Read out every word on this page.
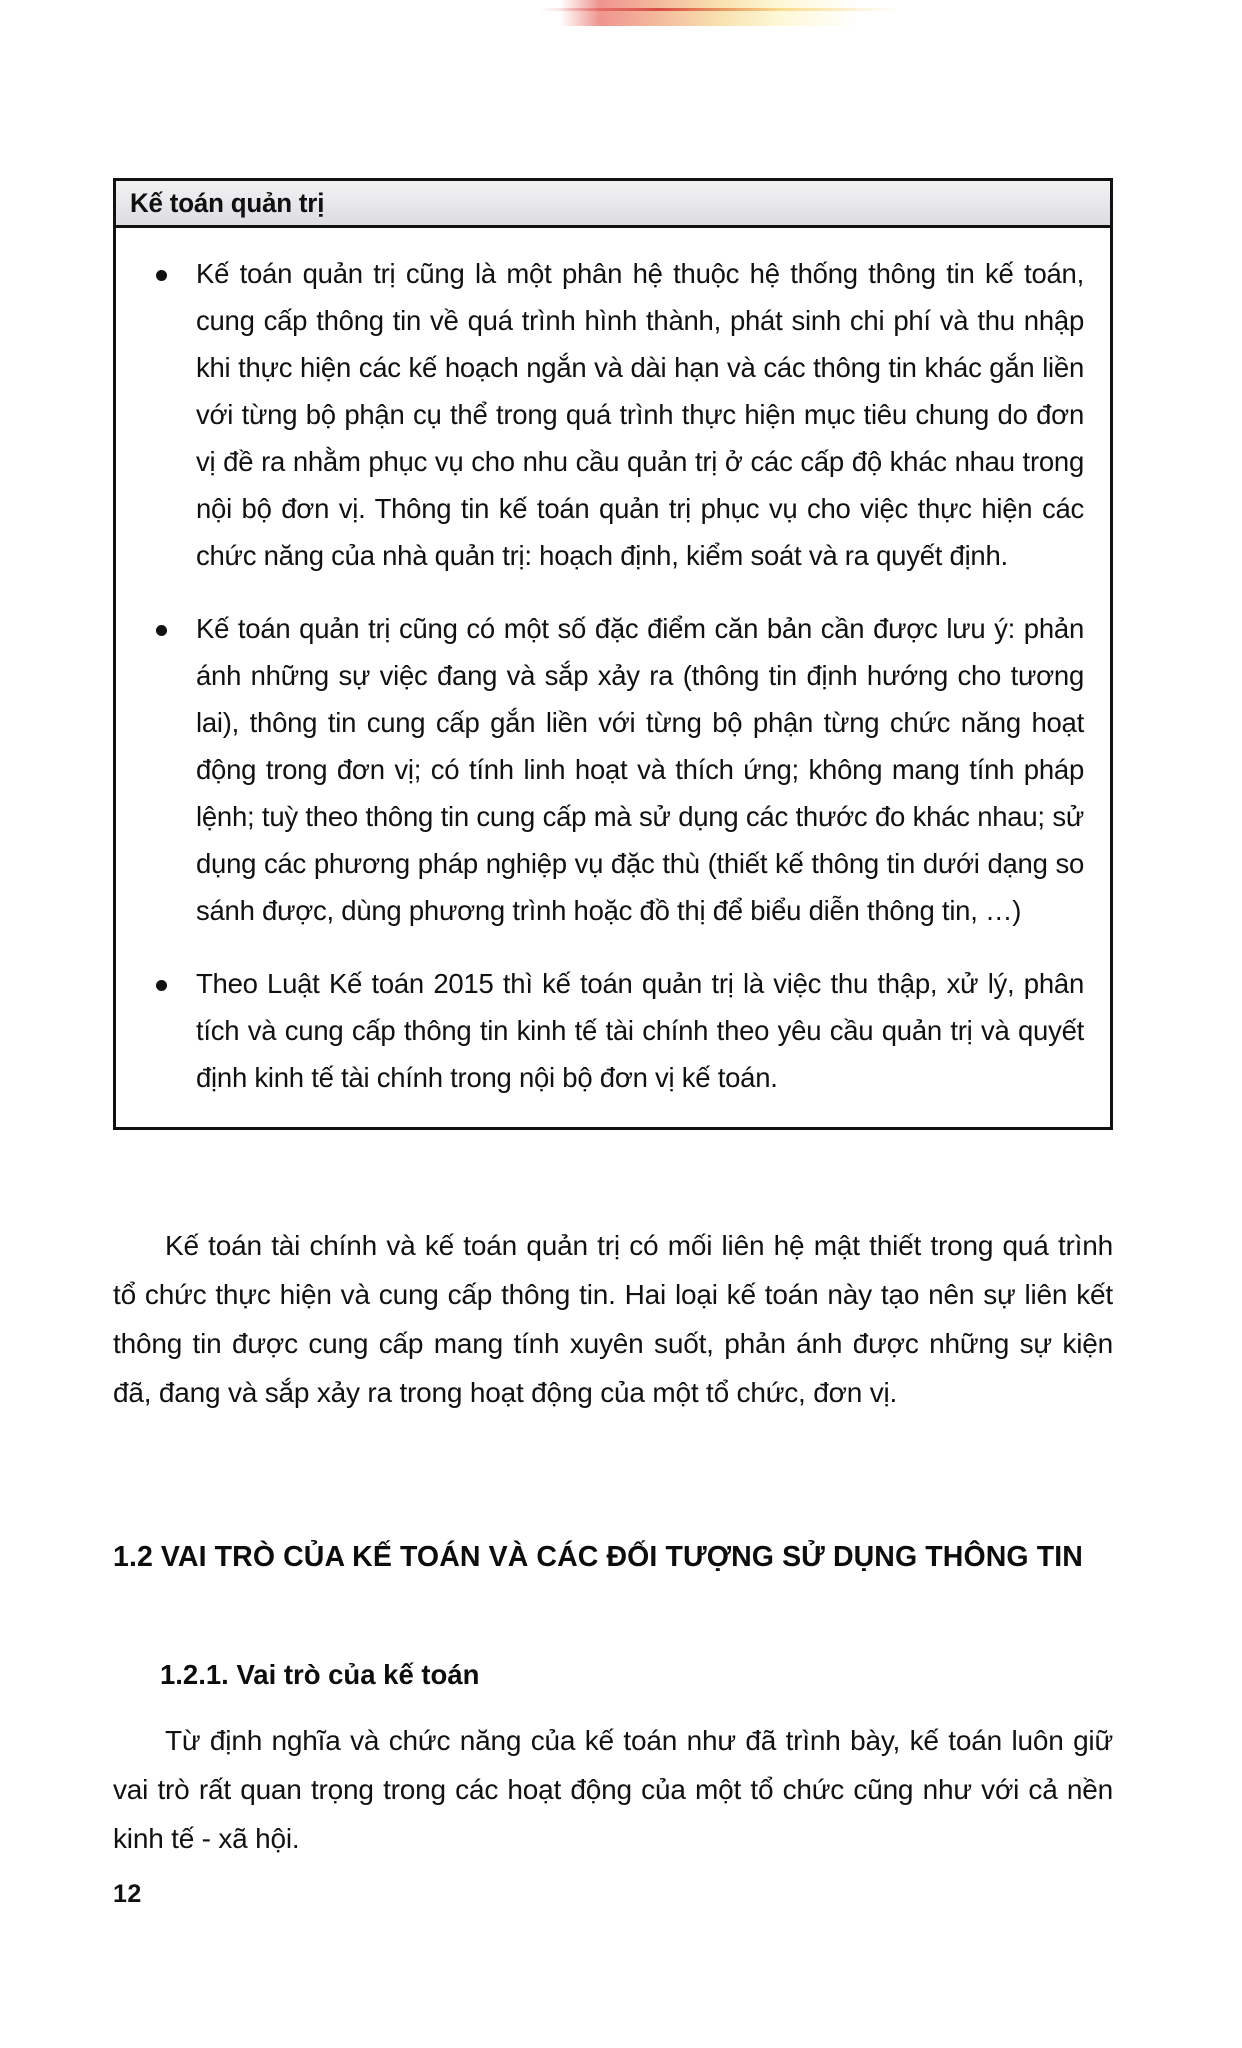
Kế toán quản trị
Kế toán quản trị cũng là một phân hệ thuộc hệ thống thông tin kế toán, cung cấp thông tin về quá trình hình thành, phát sinh chi phí và thu nhập khi thực hiện các kế hoạch ngắn và dài hạn và các thông tin khác gắn liền với từng bộ phận cụ thể trong quá trình thực hiện mục tiêu chung do đơn vị đề ra nhằm phục vụ cho nhu cầu quản trị ở các cấp độ khác nhau trong nội bộ đơn vị. Thông tin kế toán quản trị phục vụ cho việc thực hiện các chức năng của nhà quản trị: hoạch định, kiểm soát và ra quyết định.
Kế toán quản trị cũng có một số đặc điểm căn bản cần được lưu ý: phản ánh những sự việc đang và sắp xảy ra (thông tin định hướng cho tương lai), thông tin cung cấp gắn liền với từng bộ phận từng chức năng hoạt động trong đơn vị; có tính linh hoạt và thích ứng; không mang tính pháp lệnh; tuỳ theo thông tin cung cấp mà sử dụng các thước đo khác nhau; sử dụng các phương pháp nghiệp vụ đặc thù (thiết kế thông tin dưới dạng so sánh được, dùng phương trình hoặc đồ thị để biểu diễn thông tin, …)
Theo Luật Kế toán 2015 thì kế toán quản trị là việc thu thập, xử lý, phân tích và cung cấp thông tin kinh tế tài chính theo yêu cầu quản trị và quyết định kinh tế tài chính trong nội bộ đơn vị kế toán.
Kế toán tài chính và kế toán quản trị có mối liên hệ mật thiết trong quá trình tổ chức thực hiện và cung cấp thông tin. Hai loại kế toán này tạo nên sự liên kết thông tin được cung cấp mang tính xuyên suốt, phản ánh được những sự kiện đã, đang và sắp xảy ra trong hoạt động của một tổ chức, đơn vị.
1.2 VAI TRÒ CỦA KẾ TOÁN VÀ CÁC ĐỐI TƯỢNG SỬ DỤNG THÔNG TIN
1.2.1. Vai trò của kế toán
Từ định nghĩa và chức năng của kế toán như đã trình bày, kế toán luôn giữ vai trò rất quan trọng trong các hoạt động của một tổ chức cũng như với cả nền kinh tế - xã hội.
12
